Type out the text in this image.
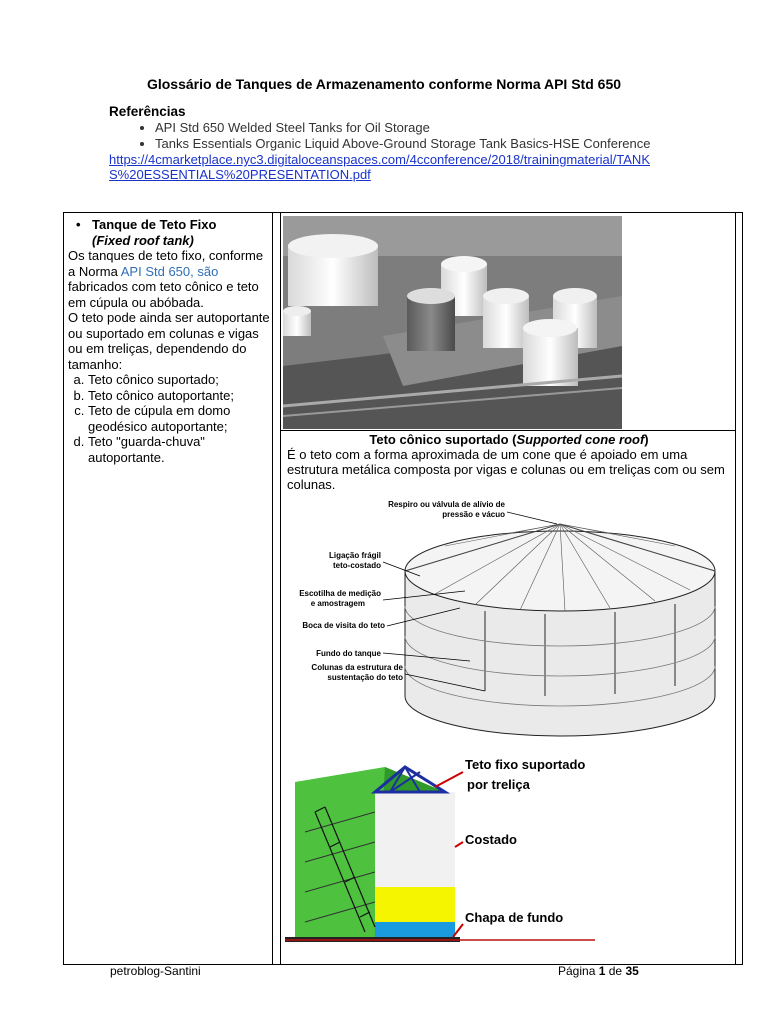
Glossário de Tanques de Armazenamento conforme Norma API Std 650
Referências
• API Std 650 Welded Steel Tanks for Oil Storage
• Tanks Essentials Organic Liquid Above-Ground Storage Tank Basics-HSE Conference
https://4cmarketplace.nyc3.digitaloceanspaces.com/4cconference/2018/trainingmaterial/TANKS%20ESSENTIALS%20PRESENTATION.pdf
• Tanque de Teto Fixo
(Fixed roof tank)
Os tanques de teto fixo, conforme a Norma API Std 650, são fabricados com teto cônico e teto em cúpula ou abóbada.
O teto pode ainda ser autoportante ou suportado em colunas e vigas ou em treliças, dependendo do tamanho:
a. Teto cônico suportado;
b. Teto cônico autoportante;
c. Teto de cúpula em domo geodésico autoportante;
d. Teto "guarda-chuva" autoportante.
Teto cônico suportado (Supported cone roof)
É o teto com a forma aproximada de um cone que é apoiado em uma estrutura metálica composta por vigas e colunas ou em treliças com ou sem colunas.
Respiro ou válvula de alívio de
pressão e vácuo
Ligação frágil
teto-costado
Escotilha de medição
e amostragem
Boca de visita do teto
Fundo do tanque
Colunas da estrutura de
sustentação do teto
Teto fixo suportado
por treliça
Costado
Chapa de fundo
petroblog-Santini	Página 1 de 35
